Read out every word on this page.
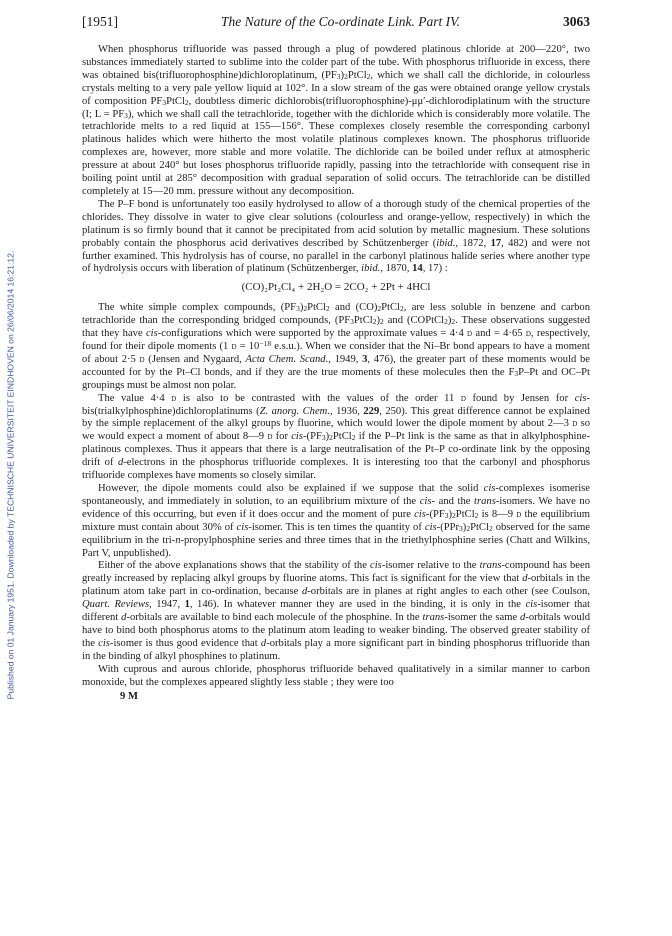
Published on 01 January 1951. Downloaded by TECHNISCHE UNIVERSITEIT EINDHOVEN on 26/06/2014 16:21:12.
[1951]	The Nature of the Co-ordinate Link. Part IV.	3063

When phosphorus trifluoride was passed through a plug of powdered platinous chloride at 200—220°, two substances immediately started to sublime into the colder part of the tube. With phosphorus trifluoride in excess, there was obtained bis(trifluorophosphine)dichloroplatinum, $(PF_3)_2PtCl_2$, which we shall call the dichloride, in colourless crystals melting to a very pale yellow liquid at 102°. In a slow stream of the gas were obtained orange yellow crystals of composition $PF_3PtCl_2$, doubtless dimeric dichlorobis(trifluorophosphine)-μμ′-dichlorodiplatinum with the structure (I; $L = PF_3$), which we shall call the tetrachloride, together with the dichloride which is considerably more volatile. The tetrachloride melts to a red liquid at 155—156°. These complexes closely resemble the corresponding carbonyl platinous halides which were hitherto the most volatile platinous complexes known. The phosphorus trifluoride complexes are, however, more stable and more volatile. The dichloride can be boiled under reflux at atmospheric pressure at about 240° but loses phosphorus trifluoride rapidly, passing into the tetrachloride with consequent rise in boiling point until at 285° decomposition with gradual separation of solid occurs. The tetrachloride can be distilled completely at 15—20 mm. pressure without any decomposition.

The P–F bond is unfortunately too easily hydrolysed to allow of a thorough study of the chemical properties of the chlorides. They dissolve in water to give clear solutions (colourless and orange-yellow, respectively) in which the platinum is so firmly bound that it cannot be precipitated from acid solution by metallic magnesium. These solutions probably contain the phosphorus acid derivatives described by Schützenberger (ibid., 1872, 17, 482) and were not further examined. This hydrolysis has of course, no parallel in the carbonyl platinous halide series where another type of hydrolysis occurs with liberation of platinum (Schützenberger, ibid., 1870, 14, 17) :

(CO)₂Pt₂Cl₄ + 2H₂O = 2CO₂ + 2Pt + 4HCl

The white simple complex compounds, $(PF_3)_2PtCl_2$ and $(CO)_2PtCl_2$, are less soluble in benzene and carbon tetrachloride than the corresponding bridged compounds, $(PF_3PtCl_2)_2$ and $(COPtCl_2)_2$. These observations suggested that they have cis-configurations which were supported by the approximate values = 4·4 d and = 4·65 d, respectively, found for their dipole moments (1 $d = 10^{-18}$ e.s.u.). When we consider that the Ni–Br bond appears to have a moment of about 2·5 d (Jensen and Nygaard, Acta Chem. Scand., 1949, 3, 476), the greater part of these moments would be accounted for by the Pt–Cl bonds, and if they are the true moments of these molecules then the $F_3P-Pt$ and OC–Pt groupings must be almost non polar.

The value 4·4 d is also to be contrasted with the values of the order 11 d found by Jensen for cis-bis(trialkylphosphine)dichloroplatinums (Z. anorg. Chem., 1936, 229, 250). This great difference cannot be explained by the simple replacement of the alkyl groups by fluorine, which would lower the dipole moment by about 2—3 d so we would expect a moment of about 8—9 d for cis-$(PF_3)_2PtCl_2$ if the P–Pt link is the same as that in alkylphosphine-platinous complexes. Thus it appears that there is a large neutralisation of the Pt–P co-ordinate link by the opposing drift of d-electrons in the phosphorus trifluoride complexes. It is interesting too that the carbonyl and phosphorus trifluoride complexes have moments so closely similar.

However, the dipole moments could also be explained if we suppose that the solid cis-complexes isomerise spontaneously, and immediately in solution, to an equilibrium mixture of the cis- and the trans-isomers. We have no evidence of this occurring, but even if it does occur and the moment of pure cis-$(PF_3)_2PtCl_2$ is 8—9 d the equilibrium mixture must contain about 30% of cis-isomer. This is ten times the quantity of cis-$(PPr_3)_2PtCl_2$ observed for the same equilibrium in the tri-n-propylphosphine series and three times that in the triethylphosphine series (Chatt and Wilkins, Part V, unpublished).

Either of the above explanations shows that the stability of the cis-isomer relative to the trans-compound has been greatly increased by replacing alkyl groups by fluorine atoms. This fact is significant for the view that d-orbitals in the platinum atom take part in co-ordination, because d-orbitals are in planes at right angles to each other (see Coulson, Quart. Reviews, 1947, 1, 146). In whatever manner they are used in the binding, it is only in the cis-isomer that different d-orbitals are available to bind each molecule of the phosphine. In the trans-isomer the same d-orbitals would have to bind both phosphorus atoms to the platinum atom leading to weaker binding. The observed greater stability of the cis-isomer is thus good evidence that d-orbitals play a more significant part in binding phosphorus trifluoride than in the binding of alkyl phosphines to platinum.

With cuprous and aurous chloride, phosphorus trifluoride behaved qualitatively in a similar manner to carbon monoxide, but the complexes appeared slightly less stable ; they were too

9 M
